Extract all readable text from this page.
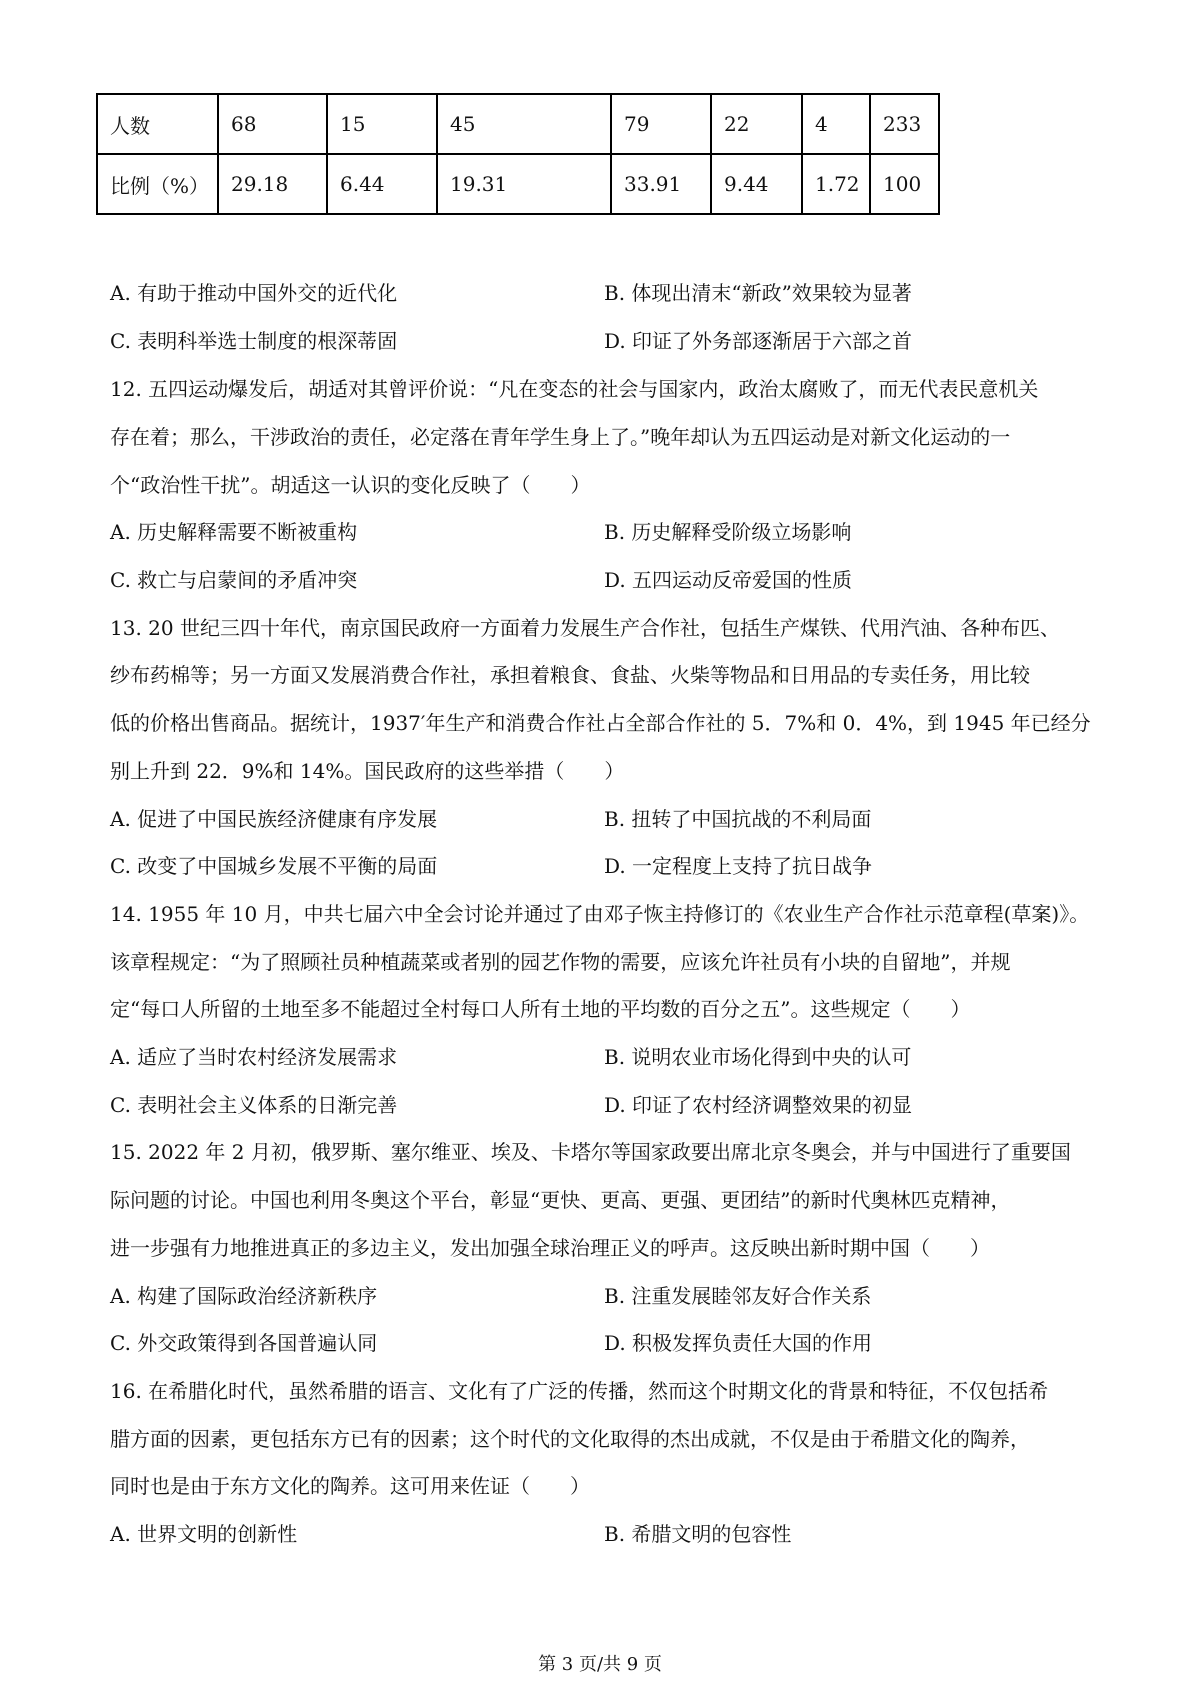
人数	68	15	45	79	22	4	233
比例（%）	29.18	6.44	19.31	33.91	9.44	1.72	100
A. 有助于推动中国外交的近代化	B. 体现出清末“新政”效果较为显著
C. 表明科举选士制度的根深蒂固	D. 印证了外务部逐渐居于六部之首
12. 五四运动爆发后，胡适对其曾评价说：“凡在变态的社会与国家内，政治太腐败了，而无代表民意机关
存在着；那么，干涉政治的责任，必定落在青年学生身上了。”晚年却认为五四运动是对新文化运动的一
个“政治性干扰”。胡适这一认识的变化反映了（　　）
A. 历史解释需要不断被重构	B. 历史解释受阶级立场影响
C. 救亡与启蒙间的矛盾冲突	D. 五四运动反帝爱国的性质
13. 20 世纪三四十年代，南京国民政府一方面着力发展生产合作社，包括生产煤铁、代用汽油、各种布匹、
纱布药棉等；另一方面又发展消费合作社，承担着粮食、食盐、火柴等物品和日用品的专卖任务，用比较
低的价格出售商品。据统计，1937′年生产和消费合作社占全部合作社的 5．7%和 0．4%，到 1945 年已经分
别上升到 22．9%和 14%。国民政府的这些举措（　　）
A. 促进了中国民族经济健康有序发展	B. 扭转了中国抗战的不利局面
C. 改变了中国城乡发展不平衡的局面	D. 一定程度上支持了抗日战争
14. 1955 年 10 月，中共七届六中全会讨论并通过了由邓子恢主持修订的《农业生产合作社示范章程(草案)》。
该章程规定：“为了照顾社员种植蔬菜或者别的园艺作物的需要，应该允许社员有小块的自留地”，并规
定“每口人所留的土地至多不能超过全村每口人所有土地的平均数的百分之五”。这些规定（　　）
A. 适应了当时农村经济发展需求	B. 说明农业市场化得到中央的认可
C. 表明社会主义体系的日渐完善	D. 印证了农村经济调整效果的初显
15. 2022 年 2 月初，俄罗斯、塞尔维亚、埃及、卡塔尔等国家政要出席北京冬奥会，并与中国进行了重要国
际问题的讨论。中国也利用冬奥这个平台，彰显“更快、更高、更强、更团结”的新时代奥林匹克精神，
进一步强有力地推进真正的多边主义，发出加强全球治理正义的呼声。这反映出新时期中国（　　）
A. 构建了国际政治经济新秩序	B. 注重发展睦邻友好合作关系
C. 外交政策得到各国普遍认同	D. 积极发挥负责任大国的作用
16. 在希腊化时代，虽然希腊的语言、文化有了广泛的传播，然而这个时期文化的背景和特征，不仅包括希
腊方面的因素，更包括东方已有的因素；这个时代的文化取得的杰出成就，不仅是由于希腊文化的陶养，
同时也是由于东方文化的陶养。这可用来佐证（　　）
A. 世界文明的创新性	B. 希腊文明的包容性
第 3 页/共 9 页
